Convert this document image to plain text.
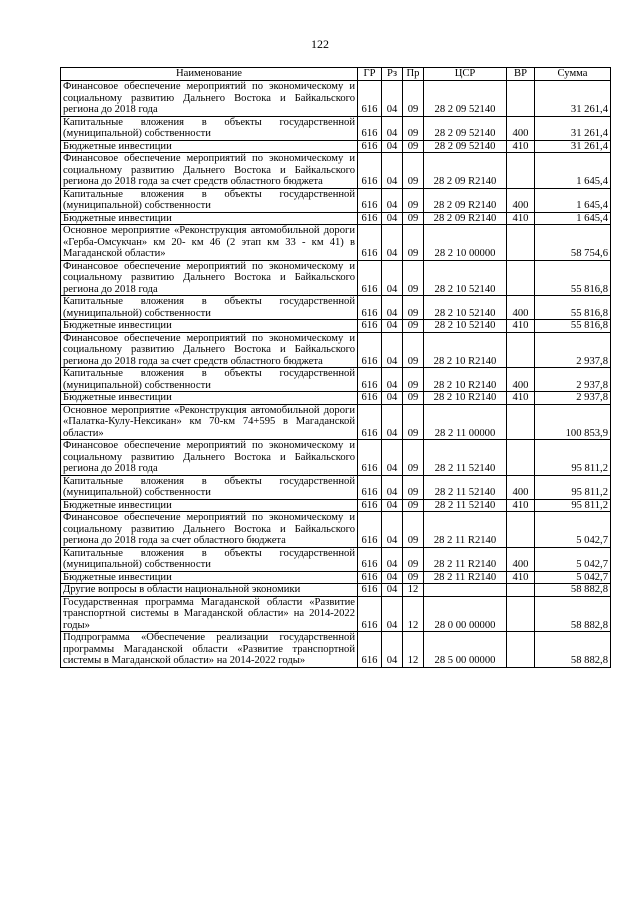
122
Наименование	ГР	Рз	Пр	ЦСР	ВР	Сумма
Финансовое обеспечение мероприятий по экономическому и социальному развитию Дальнего Востока и Байкальского региона до 2018 года	616	04	09	28 2 09 52140		31 261,4
Капитальные вложения в объекты государственной (муниципальной) собственности	616	04	09	28 2 09 52140	400	31 261,4
Бюджетные инвестиции	616	04	09	28 2 09 52140	410	31 261,4
Финансовое обеспечение мероприятий по экономическому и социальному развитию Дальнего Востока и Байкальского региона до 2018 года за счет средств областного бюджета	616	04	09	28 2 09 R2140		1 645,4
Капитальные вложения в объекты государственной (муниципальной) собственности	616	04	09	28 2 09 R2140	400	1 645,4
Бюджетные инвестиции	616	04	09	28 2 09 R2140	410	1 645,4
Основное мероприятие «Реконструкция автомобильной дороги «Герба-Омсукчан» км 20- км 46 (2 этап км 33 - км 41) в Магаданской области»	616	04	09	28 2 10 00000		58 754,6
Финансовое обеспечение мероприятий по экономическому и социальному развитию Дальнего Востока и Байкальского региона до 2018 года	616	04	09	28 2 10 52140		55 816,8
Капитальные вложения в объекты государственной (муниципальной) собственности	616	04	09	28 2 10 52140	400	55 816,8
Бюджетные инвестиции	616	04	09	28 2 10 52140	410	55 816,8
Финансовое обеспечение мероприятий по экономическому и социальному развитию Дальнего Востока и Байкальского региона до 2018 года за счет средств областного бюджета	616	04	09	28 2 10 R2140		2 937,8
Капитальные вложения в объекты государственной (муниципальной) собственности	616	04	09	28 2 10 R2140	400	2 937,8
Бюджетные инвестиции	616	04	09	28 2 10 R2140	410	2 937,8
Основное мероприятие «Реконструкция автомобильной дороги «Палатка-Кулу-Нексикан» км 70-км 74+595 в Магаданской области»	616	04	09	28 2 11 00000		100 853,9
Финансовое обеспечение мероприятий по экономическому и социальному развитию Дальнего Востока и Байкальского региона до 2018 года	616	04	09	28 2 11 52140		95 811,2
Капитальные вложения в объекты государственной (муниципальной) собственности	616	04	09	28 2 11 52140	400	95 811,2
Бюджетные инвестиции	616	04	09	28 2 11 52140	410	95 811,2
Финансовое обеспечение мероприятий по экономическому и социальному развитию Дальнего Востока и Байкальского региона до 2018 года за счет областного бюджета	616	04	09	28 2 11 R2140		5 042,7
Капитальные вложения в объекты государственной (муниципальной) собственности	616	04	09	28 2 11 R2140	400	5 042,7
Бюджетные инвестиции	616	04	09	28 2 11 R2140	410	5 042,7
Другие вопросы в области национальной экономики	616	04	12			58 882,8
Государственная программа Магаданской области «Развитие транспортной системы в Магаданской области» на 2014-2022 годы»	616	04	12	28 0 00 00000		58 882,8
Подпрограмма «Обеспечение реализации государственной программы Магаданской области «Развитие транспортной системы в Магаданской области» на 2014-2022 годы»	616	04	12	28 5 00 00000		58 882,8
